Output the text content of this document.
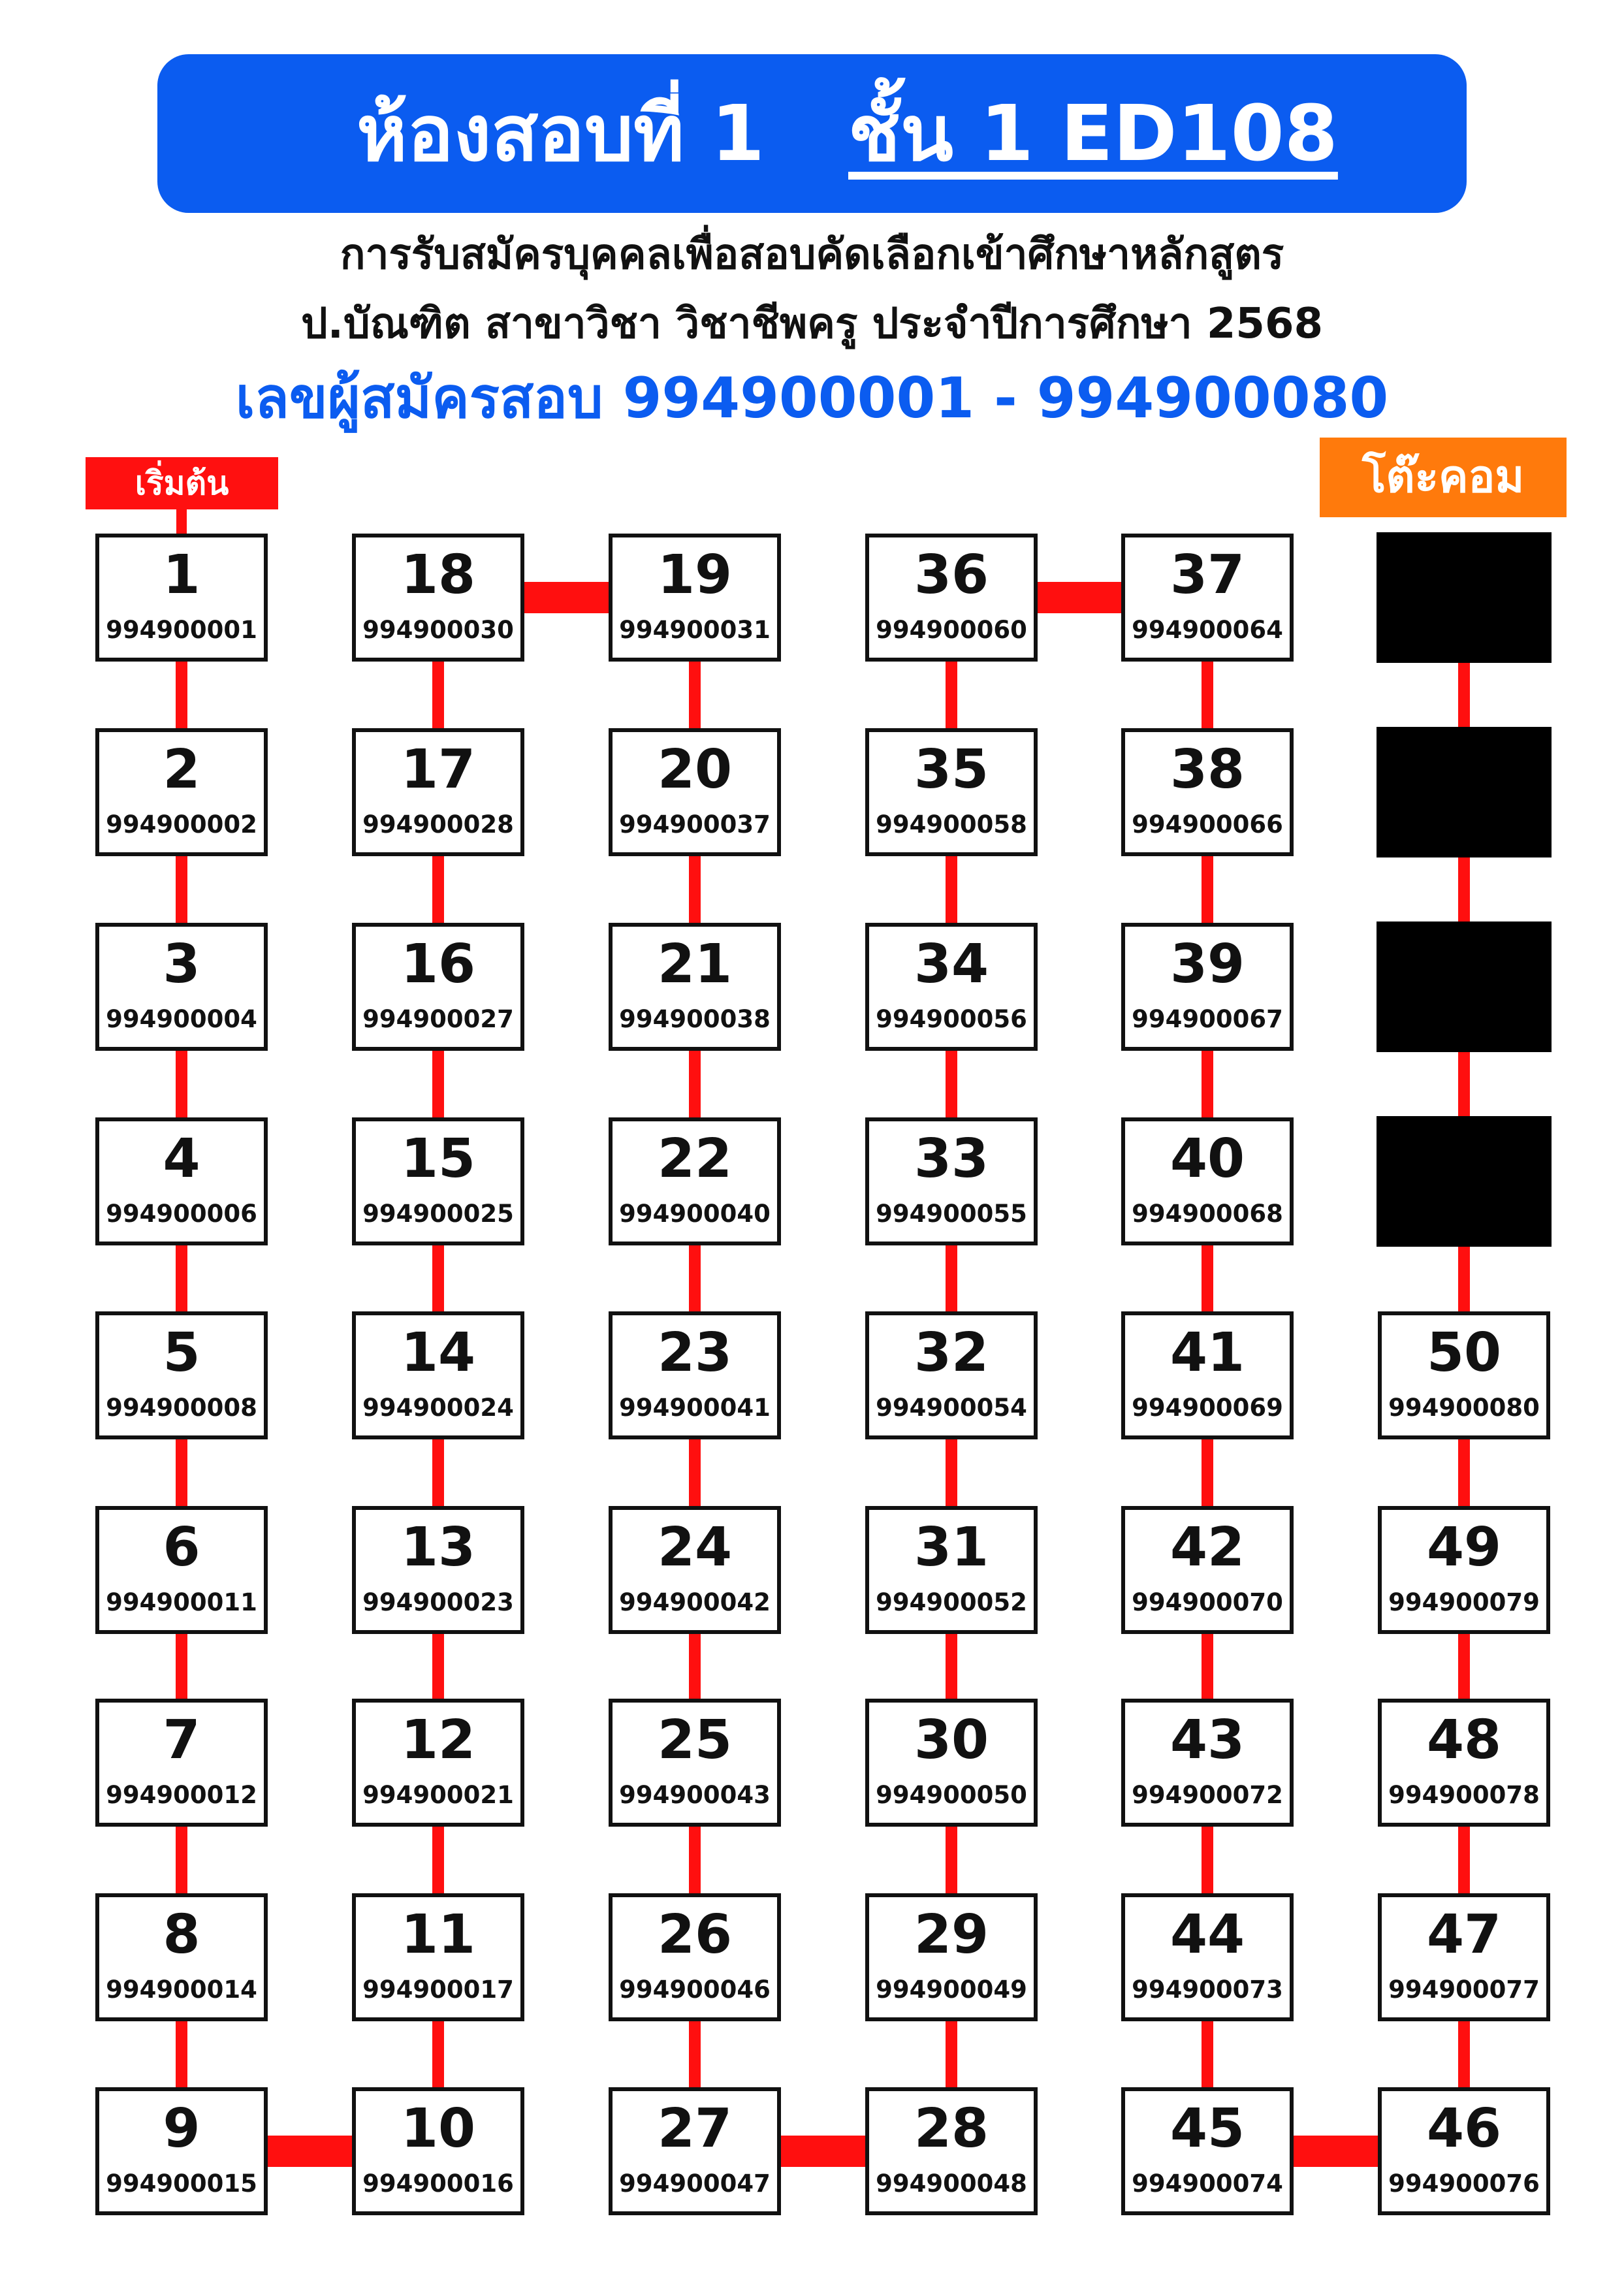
ห้องสอบที่ 1 ชั้น 1 ED108
การรับสมัครบุคคลเพื่อสอบคัดเลือกเข้าศึกษาหลักสูตร
ป.บัณฑิต สาขาวิชา วิชาชีพครู ประจำปีการศึกษา 2568
เลขผู้สมัครสอบ 994900001 - 994900080
เริ่มต้น	โต๊ะคอม
1
994900001
2
994900002
3
994900004
4
994900006
5
994900008
6
994900011
7
994900012
8
994900014
9
994900015
18
994900030
17
994900028
16
994900027
15
994900025
14
994900024
13
994900023
12
994900021
11
994900017
10
994900016
19
994900031
20
994900037
21
994900038
22
994900040
23
994900041
24
994900042
25
994900043
26
994900046
27
994900047
36
994900060
35
994900058
34
994900056
33
994900055
32
994900054
31
994900052
30
994900050
29
994900049
28
994900048
37
994900064
38
994900066
39
994900067
40
994900068
41
994900069
42
994900070
43
994900072
44
994900073
45
994900074
50
994900080
49
994900079
48
994900078
47
994900077
46
994900076
